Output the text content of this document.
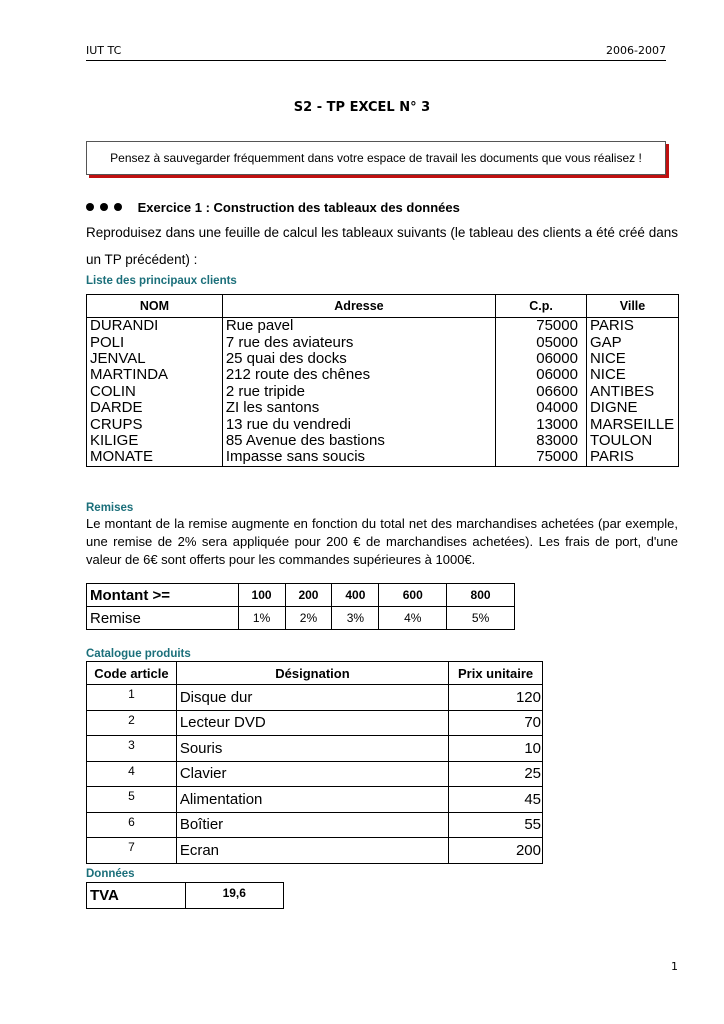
IUT TC	2006-2007
S2 - TP EXCEL N° 3
Pensez à sauvegarder fréquemment dans votre espace de travail les documents que vous réalisez !
Exercice 1 : Construction des tableaux des données
Reproduisez dans une feuille de calcul les tableaux suivants (le tableau des clients a été créé dans un TP précédent) :
Liste des principaux clients
NOM	Adresse	C.p.	Ville
DURANDI	Rue pavel	75000	PARIS
POLI	7 rue des aviateurs	05000	GAP
JENVAL	25 quai des docks	06000	NICE
MARTINDA	212 route des chênes	06000	NICE
COLIN	2 rue tripide	06600	ANTIBES
DARDE	ZI les santons	04000	DIGNE
CRUPS	13 rue du vendredi	13000	MARSEILLE
KILIGE	85 Avenue des bastions	83000	TOULON
MONATE	Impasse sans soucis	75000	PARIS
Remises
Le montant de la remise augmente en fonction du total net des marchandises achetées (par exemple, une remise de 2% sera appliquée pour 200 € de marchandises achetées). Les frais de port, d'une valeur de 6€ sont offerts pour les commandes supérieures à 1000€.
Montant >=	100	200	400	600	800
Remise	1%	2%	3%	4%	5%
Catalogue produits
Code article	Désignation	Prix unitaire
1	Disque dur	120
2	Lecteur DVD	70
3	Souris	10
4	Clavier	25
5	Alimentation	45
6	Boîtier	55
7	Ecran	200
Données
TVA	19,6
1
